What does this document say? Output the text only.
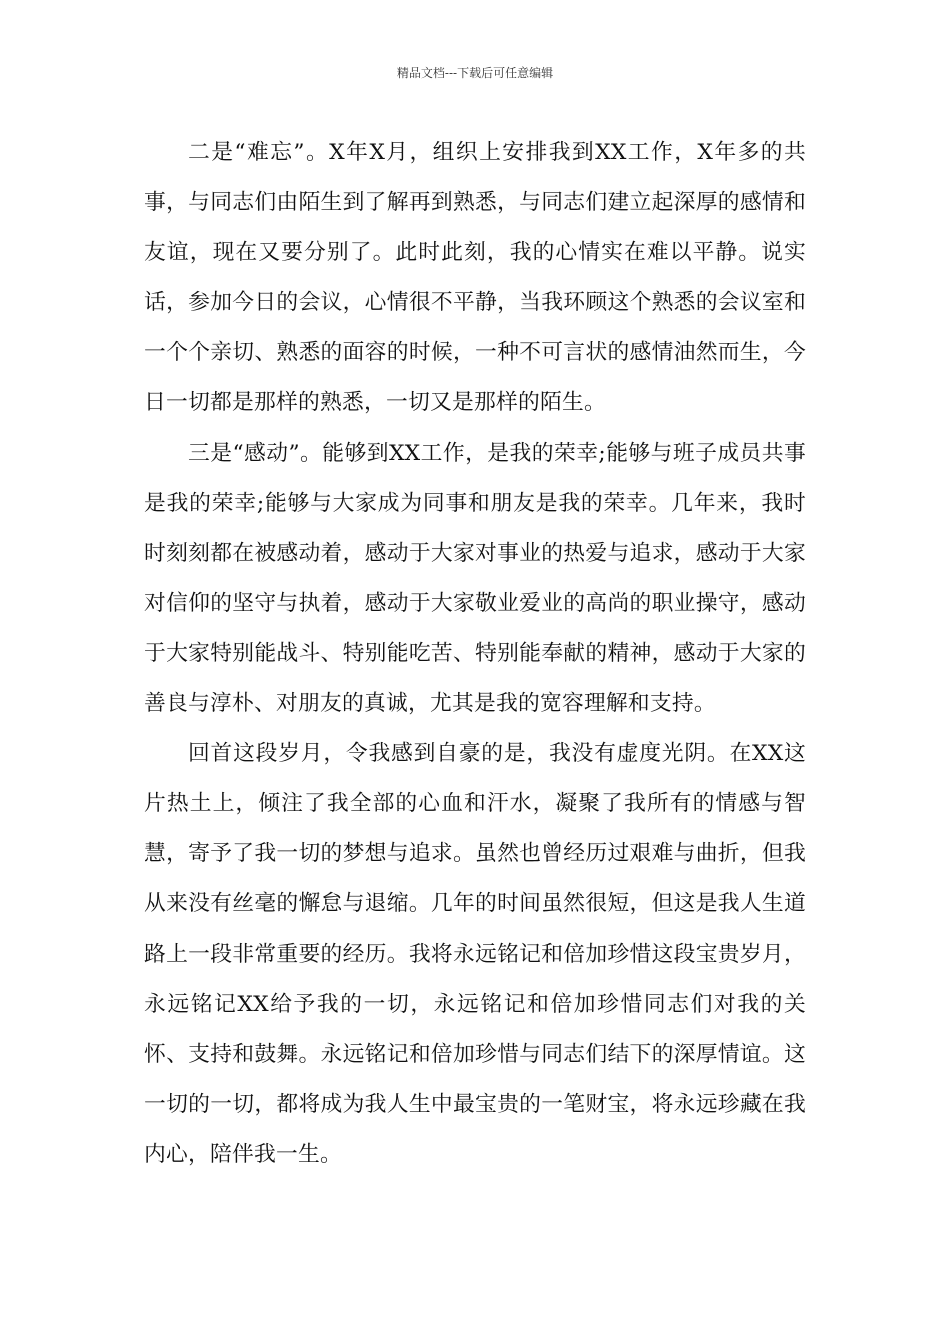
精品文档---下载后可任意编辑

二是“难忘”。X年X月，组织上安排我到XX工作，X年多的共事，与同志们由陌生到了解再到熟悉，与同志们建立起深厚的感情和友谊，现在又要分别了。此时此刻，我的心情实在难以平静。说实话，参加今日的会议，心情很不平静，当我环顾这个熟悉的会议室和一个个亲切、熟悉的面容的时候，一种不可言状的感情油然而生，今日一切都是那样的熟悉，一切又是那样的陌生。

三是“感动”。能够到XX工作，是我的荣幸;能够与班子成员共事是我的荣幸;能够与大家成为同事和朋友是我的荣幸。几年来，我时时刻刻都在被感动着，感动于大家对事业的热爱与追求，感动于大家对信仰的坚守与执着，感动于大家敬业爱业的高尚的职业操守，感动于大家特别能战斗、特别能吃苦、特别能奉献的精神，感动于大家的善良与淳朴、对朋友的真诚，尤其是我的宽容理解和支持。

回首这段岁月，令我感到自豪的是，我没有虚度光阴。在XX这片热土上，倾注了我全部的心血和汗水，凝聚了我所有的情感与智慧，寄予了我一切的梦想与追求。虽然也曾经历过艰难与曲折，但我从来没有丝毫的懈怠与退缩。几年的时间虽然很短，但这是我人生道路上一段非常重要的经历。我将永远铭记和倍加珍惜这段宝贵岁月，永远铭记XX给予我的一切，永远铭记和倍加珍惜同志们对我的关怀、支持和鼓舞。永远铭记和倍加珍惜与同志们结下的深厚情谊。这一切的一切，都将成为我人生中最宝贵的一笔财宝，将永远珍藏在我内心，陪伴我一生。
